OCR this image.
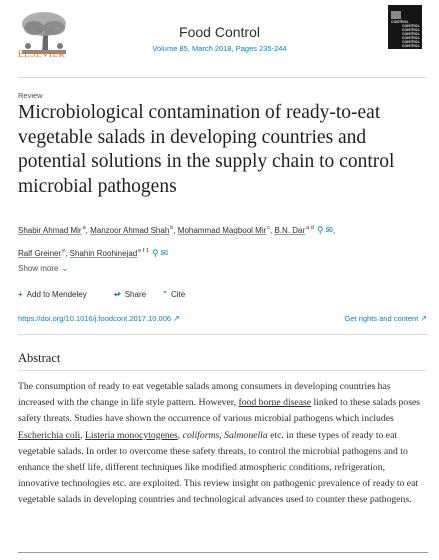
ELSEVIER
Food Control
Volume 85, March 2018, Pages 235-244
CONTROL
CONTROL
CONTROL
CONTROL
CONTROL
CONTROL
CONTROL
Review
Microbiological contamination of ready-to-eat vegetable salads in developing countries and potential solutions in the supply chain to control microbial pathogens
Shabir Ahmad Mir$^a$, Manzoor Ahmad Shah$^b$, Mohammad Maqbool Mir$^c$, B.N. Dar$^{a d}$ ⚲ ✉,
Ralf Greiner$^e$, Shahin Roohinejad$^{e f 1}$ ⚲ ✉
Show more ⌄
+ Add to Mendeley	↫ Share ” Cite
https://doi.org/10.1016/j.foodcont.2017.10.006 ↗	Get rights and content ↗
Abstract

The consumption of ready to eat vegetable salads among consumers in developing countries has increased with the change in life style pattern. However, food borne disease linked to these salads poses safety threats. Studies have shown the occurrence of various microbial pathogens which includes Escherichia coli, Listeria monocytogenes, coliforms, Salmonella etc. in these types of ready to eat vegetable salads. In order to overcome these safety threats, to control the microbial pathogens and to enhance the shelf life, different techniques like modified atmospheric conditions, refrigeration, innovative technologies etc. are exploited. This review insight on pathogenic prevalence of ready to eat vegetable salads in developing countries and technological advances used to counter these pathogens.
